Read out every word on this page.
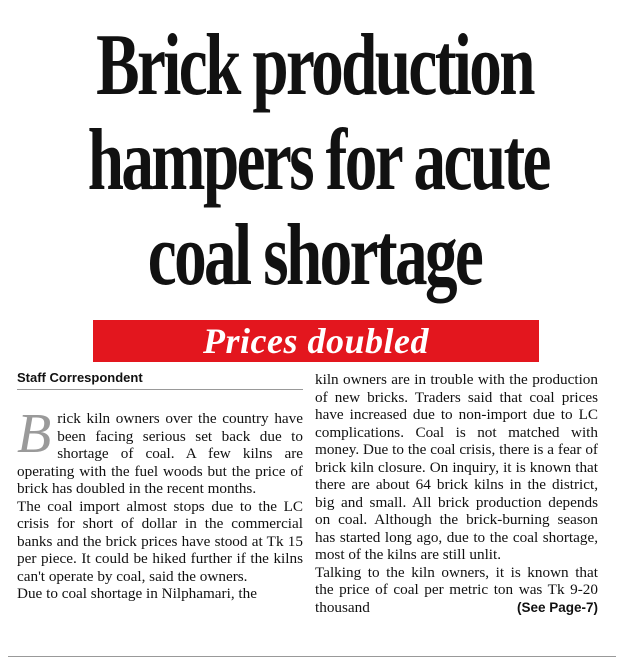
Brick production
hampers for acute
coal shortage
Prices doubled
Staff Correspondent

Brick kiln owners over the country have been facing serious set back due to shortage of coal. A few kilns are operating with the fuel woods but the price of brick has doubled in the recent months.

The coal import almost stops due to the LC crisis for short of dollar in the commercial banks and the brick prices have stood at Tk 15 per piece. It could be hiked further if the kilns can't operate by coal, said the owners.

Due to coal shortage in Nilphamari, the

kiln owners are in trouble with the production of new bricks. Traders said that coal prices have increased due to non-import due to LC complications. Coal is not matched with money. Due to the coal crisis, there is a fear of brick kiln closure. On inquiry, it is known that there are about 64 brick kilns in the district, big and small. All brick production depends on coal. Although the brick-burning season has started long ago, due to the coal shortage, most of the kilns are still unlit.

Talking to the kiln owners, it is known that the price of coal per metric ton was Tk 9-20 thousand	(See Page-7)
